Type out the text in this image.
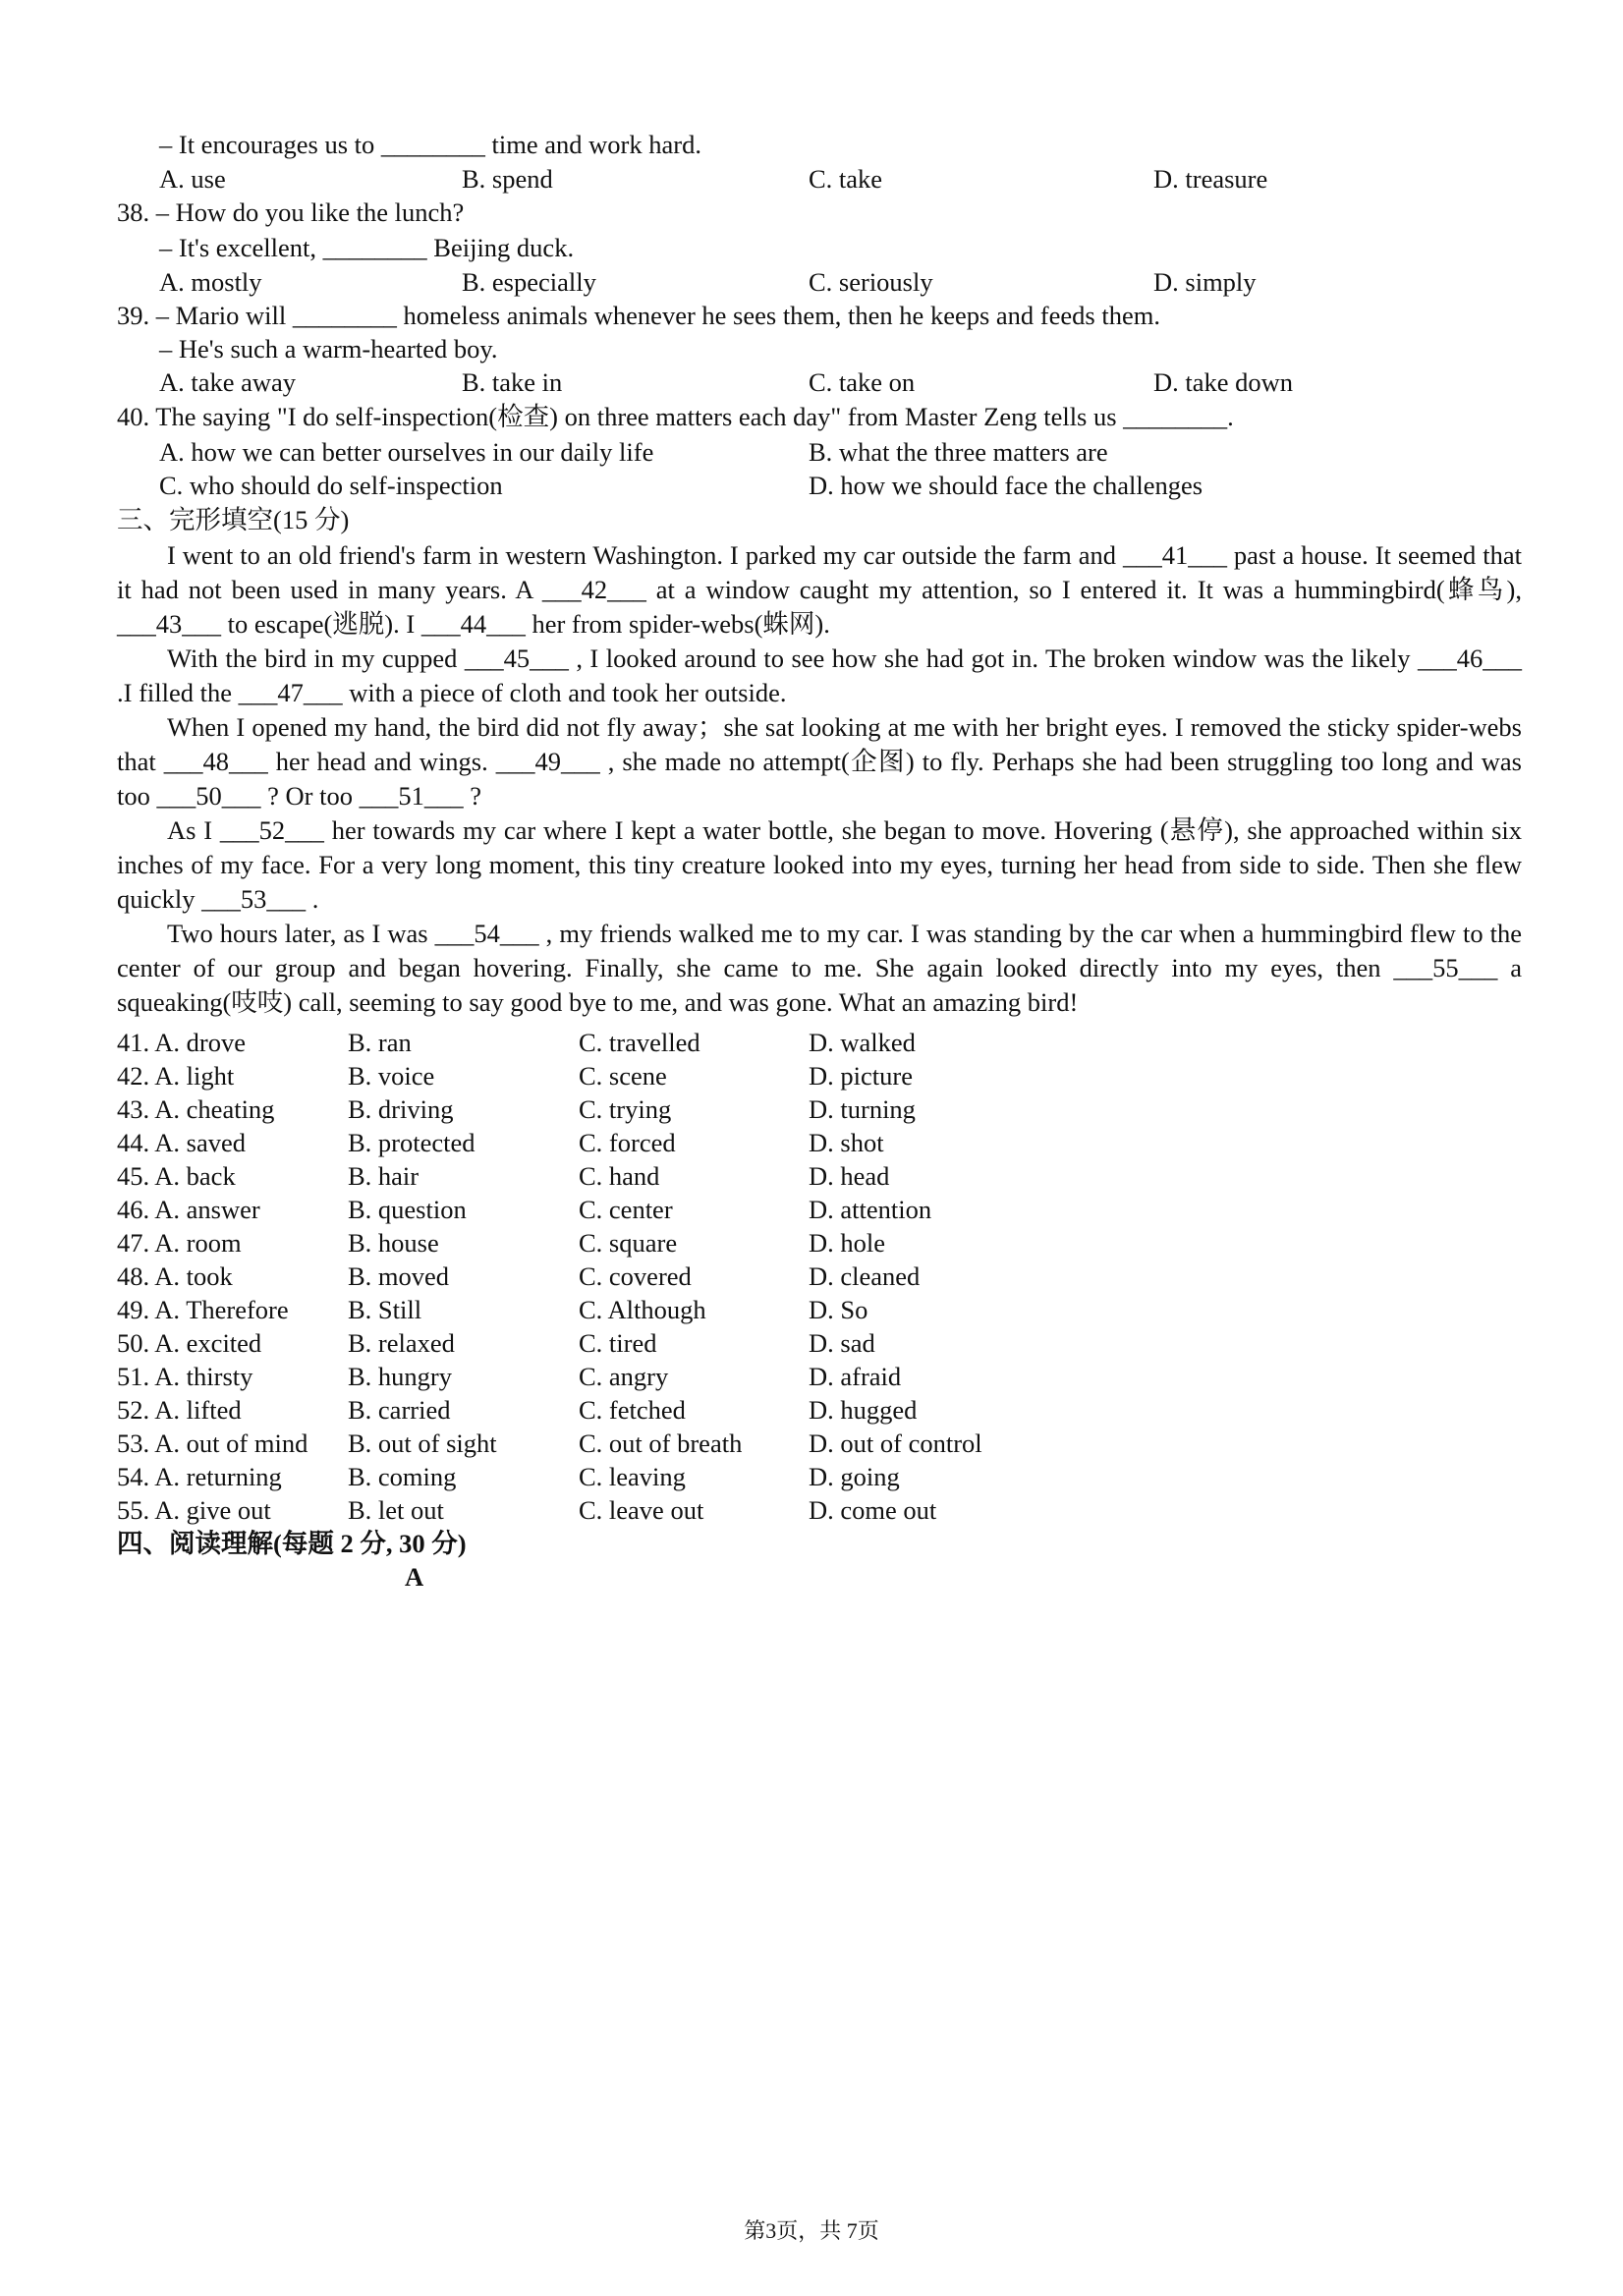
– It encourages us to ________ time and work hard.
A. use	B. spend	C. take	D. treasure
38. – How do you like the lunch?
– It's excellent, ________ Beijing duck.
A. mostly	B. especially	C. seriously	D. simply
39. – Mario will ________ homeless animals whenever he sees them, then he keeps and feeds them.
– He's such a warm-hearted boy.
A. take away	B. take in	C. take on	D. take down
40. The saying "I do self-inspection(检查) on three matters each day" from Master Zeng tells us ________.
A. how we can better ourselves in our daily life	B. what the three matters are
C. who should do self-inspection	D. how we should face the challenges
三、完形填空(15 分)

I went to an old friend's farm in western Washington. I parked my car outside the farm and ___41___ past a house. It seemed that it had not been used in many years. A ___42___ at a window caught my attention, so I entered it. It was a hummingbird(蜂鸟), ___43___ to escape(逃脱). I ___44___ her from spider-webs(蛛网).

With the bird in my cupped ___45___ , I looked around to see how she had got in. The broken window was the likely ___46___ .I filled the ___47___ with a piece of cloth and took her outside.

When I opened my hand, the bird did not fly away；she sat looking at me with her bright eyes. I removed the sticky spider-webs that ___48___ her head and wings. ___49___ , she made no attempt(企图) to fly. Perhaps she had been struggling too long and was too ___50___ ? Or too ___51___ ?

As I ___52___ her towards my car where I kept a water bottle, she began to move. Hovering (悬停), she approached within six inches of my face. For a very long moment, this tiny creature looked into my eyes, turning her head from side to side. Then she flew quickly ___53___ .

Two hours later, as I was ___54___ , my friends walked me to my car. I was standing by the car when a hummingbird flew to the center of our group and began hovering. Finally, she came to me. She again looked directly into my eyes, then ___55___ a squeaking(吱吱) call, seeming to say good bye to me, and was gone. What an amazing bird!

41. A. drove	B. ran	C. travelled	D. walked
42. A. light	B. voice	C. scene	D. picture
43. A. cheating	B. driving	C. trying	D. turning
44. A. saved	B. protected	C. forced	D. shot
45. A. back	B. hair	C. hand	D. head
46. A. answer	B. question	C. center	D. attention
47. A. room	B. house	C. square	D. hole
48. A. took	B. moved	C. covered	D. cleaned
49. A. Therefore B. Still	C. Although	D. So
50. A. excited	B. relaxed	C. tired	D. sad
51. A. thirsty	B. hungry	C. angry	D. afraid
52. A. lifted	B. carried	C. fetched	D. hugged
53. A. out of mind B. out of sight	C. out of breath	D. out of control
54. A. returning	B. coming	C. leaving	D. going
55. A. give out	B. let out	C. leave out	D. come out
四、阅读理解(每题 2 分, 30 分)
A
第3页，共 7页
